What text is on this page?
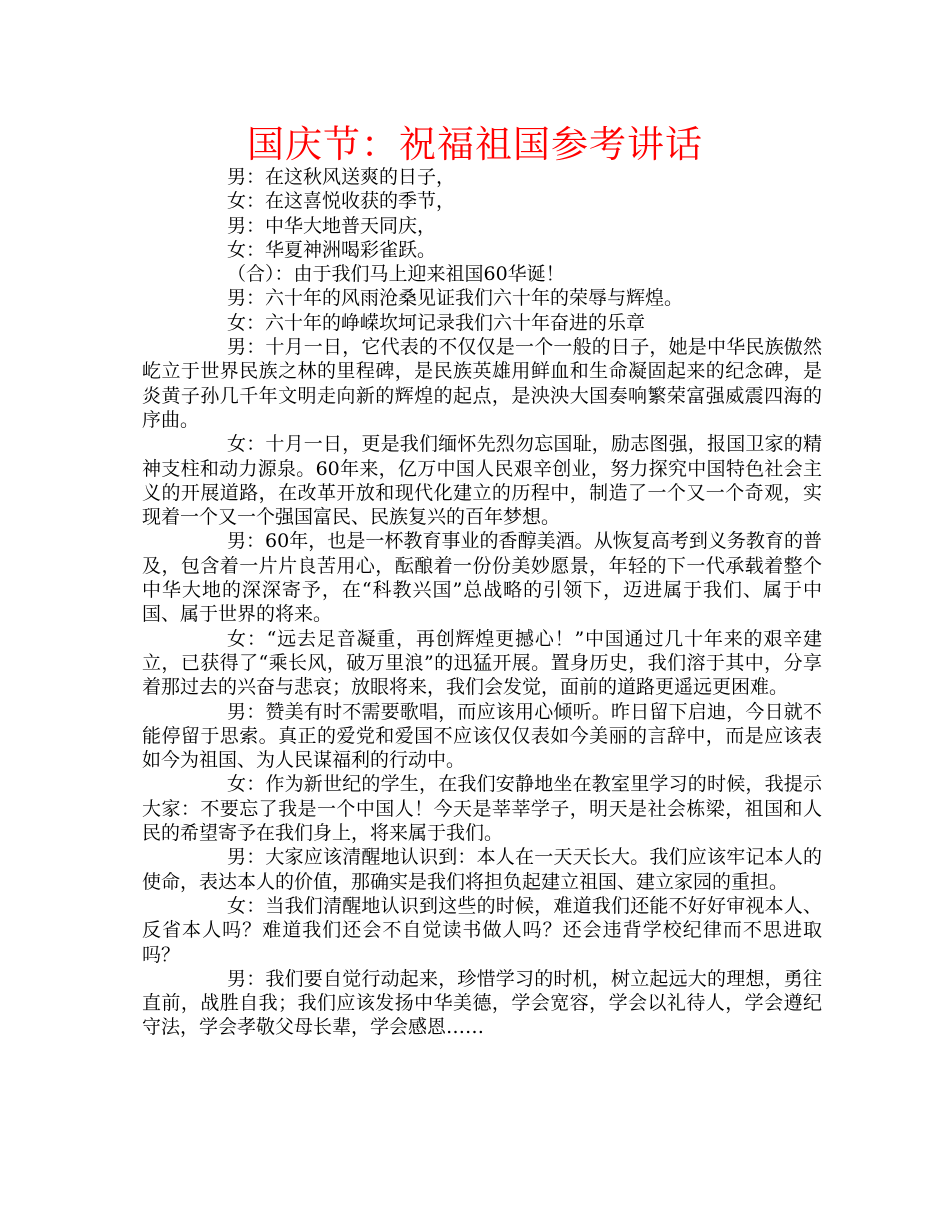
国庆节：祝福祖国参考讲话

男：在这秋风送爽的日子，

女：在这喜悦收获的季节，

男：中华大地普天同庆，

女：华夏神洲喝彩雀跃。

（合）：由于我们马上迎来祖国60华诞！

男：六十年的风雨沧桑见证我们六十年的荣辱与辉煌。

女：六十年的峥嵘坎坷记录我们六十年奋进的乐章

男：十月一日，它代表的不仅仅是一个一般的日子，她是中华民族傲然屹立于世界民族之林的里程碑，是民族英雄用鲜血和生命凝固起来的纪念碑，是炎黄子孙几千年文明走向新的辉煌的起点，是泱泱大国奏响繁荣富强威震四海的序曲。

女：十月一日，更是我们缅怀先烈勿忘国耻，励志图强，报国卫家的精神支柱和动力源泉。60年来，亿万中国人民艰辛创业，努力探究中国特色社会主义的开展道路，在改革开放和现代化建立的历程中，制造了一个又一个奇观，实现着一个又一个强国富民、民族复兴的百年梦想。

男：60年，也是一杯教育事业的香醇美酒。从恢复高考到义务教育的普及，包含着一片片良苦用心，酝酿着一份份美妙愿景，年轻的下一代承载着整个中华大地的深深寄予，在“科教兴国”总战略的引领下，迈进属于我们、属于中国、属于世界的将来。

女：“远去足音凝重，再创辉煌更撼心！”中国通过几十年来的艰辛建立，已获得了“乘长风，破万里浪”的迅猛开展。置身历史，我们溶于其中，分享着那过去的兴奋与悲哀；放眼将来，我们会发觉，面前的道路更遥远更困难。

男：赞美有时不需要歌唱，而应该用心倾听。昨日留下启迪，今日就不能停留于思索。真正的爱党和爱国不应该仅仅表如今美丽的言辞中，而是应该表如今为祖国、为人民谋福利的行动中。

女：作为新世纪的学生，在我们安静地坐在教室里学习的时候，我提示大家：不要忘了我是一个中国人！今天是莘莘学子，明天是社会栋梁，祖国和人民的希望寄予在我们身上，将来属于我们。

男：大家应该清醒地认识到：本人在一天天长大。我们应该牢记本人的使命，表达本人的价值，那确实是我们将担负起建立祖国、建立家园的重担。

女：当我们清醒地认识到这些的时候，难道我们还能不好好审视本人、反省本人吗？难道我们还会不自觉读书做人吗？还会违背学校纪律而不思进取吗？

男：我们要自觉行动起来，珍惜学习的时机，树立起远大的理想，勇往直前，战胜自我；我们应该发扬中华美德，学会宽容，学会以礼待人，学会遵纪守法，学会孝敬父母长辈，学会感恩……
